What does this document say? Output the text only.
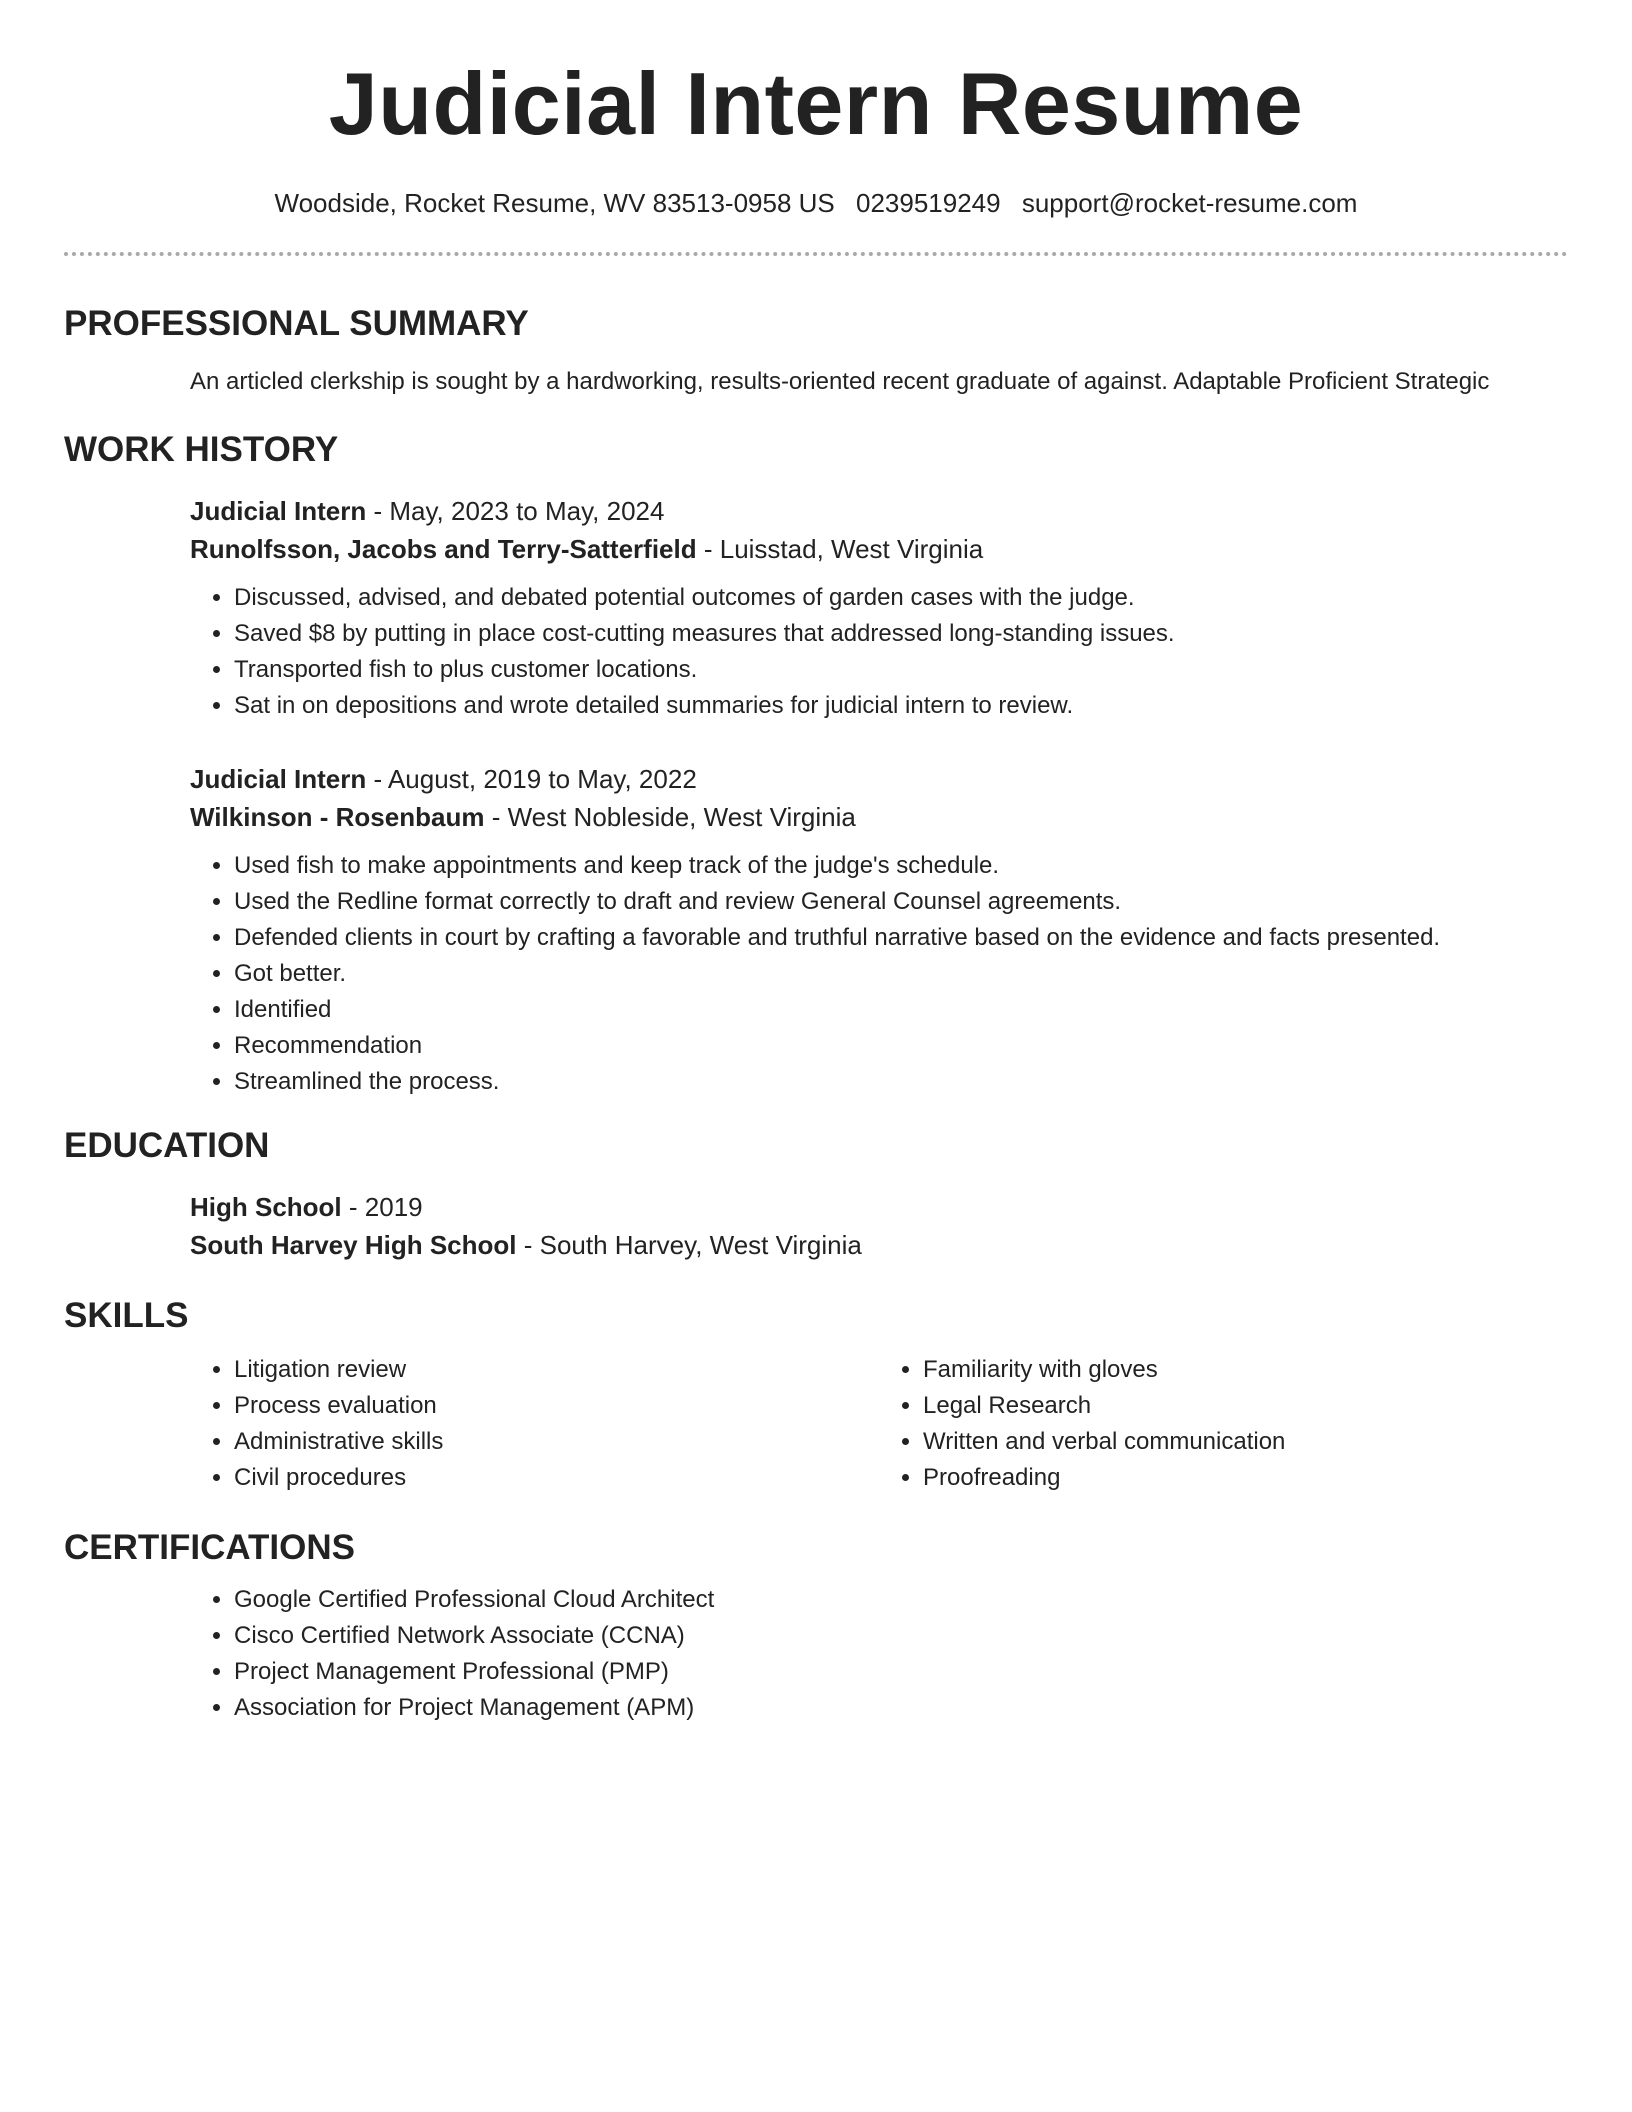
Judicial Intern Resume
Woodside, Rocket Resume, WV 83513-0958 US 0239519249 support@rocket-resume.com
PROFESSIONAL SUMMARY
An articled clerkship is sought by a hardworking, results-oriented recent graduate of against. Adaptable Proficient Strategic
WORK HISTORY
Judicial Intern - May, 2023 to May, 2024
Runolfsson, Jacobs and Terry-Satterfield - Luisstad, West Virginia
• Discussed, advised, and debated potential outcomes of garden cases with the judge.
• Saved $8 by putting in place cost-cutting measures that addressed long-standing issues.
• Transported fish to plus customer locations.
• Sat in on depositions and wrote detailed summaries for judicial intern to review.
Judicial Intern - August, 2019 to May, 2022
Wilkinson - Rosenbaum - West Nobleside, West Virginia
• Used fish to make appointments and keep track of the judge's schedule.
• Used the Redline format correctly to draft and review General Counsel agreements.
• Defended clients in court by crafting a favorable and truthful narrative based on the evidence and facts presented.
• Got better.
• Identified
• Recommendation
• Streamlined the process.
EDUCATION
High School - 2019
South Harvey High School - South Harvey, West Virginia
SKILLS
• Litigation review
• Process evaluation
• Administrative skills
• Civil procedures
• Familiarity with gloves
• Legal Research
• Written and verbal communication
• Proofreading
CERTIFICATIONS
• Google Certified Professional Cloud Architect
• Cisco Certified Network Associate (CCNA)
• Project Management Professional (PMP)
• Association for Project Management (APM)
